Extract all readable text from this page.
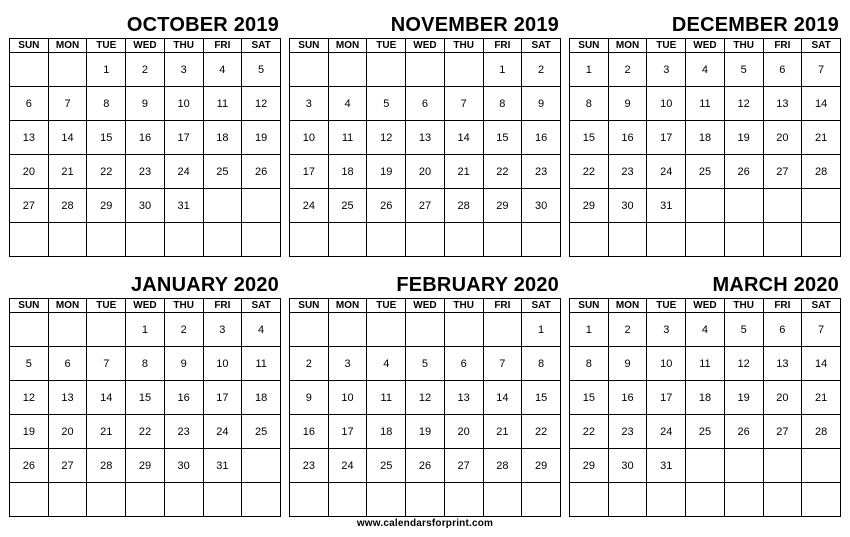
OCTOBER 2019
SUN	MON	TUE	WED	THU	FRI	SAT
		1	2	3	4	5
6	7	8	9	10	11	12
13	14	15	16	17	18	19
20	21	22	23	24	25	26
27	28	29	30	31		

NOVEMBER 2019
SUN	MON	TUE	WED	THU	FRI	SAT
					1	2
3	4	5	6	7	8	9
10	11	12	13	14	15	16
17	18	19	20	21	22	23
24	25	26	27	28	29	30

DECEMBER 2019
SUN	MON	TUE	WED	THU	FRI	SAT
1	2	3	4	5	6	7
8	9	10	11	12	13	14
15	16	17	18	19	20	21
22	23	24	25	26	27	28
29	30	31				

JANUARY 2020
SUN	MON	TUE	WED	THU	FRI	SAT
			1	2	3	4
5	6	7	8	9	10	11
12	13	14	15	16	17	18
19	20	21	22	23	24	25
26	27	28	29	30	31	

FEBRUARY 2020
SUN	MON	TUE	WED	THU	FRI	SAT
						1
2	3	4	5	6	7	8
9	10	11	12	13	14	15
16	17	18	19	20	21	22
23	24	25	26	27	28	29

MARCH 2020
SUN	MON	TUE	WED	THU	FRI	SAT
1	2	3	4	5	6	7
8	9	10	11	12	13	14
15	16	17	18	19	20	21
22	23	24	25	26	27	28
29	30	31				

www.calendarsforprint.com
